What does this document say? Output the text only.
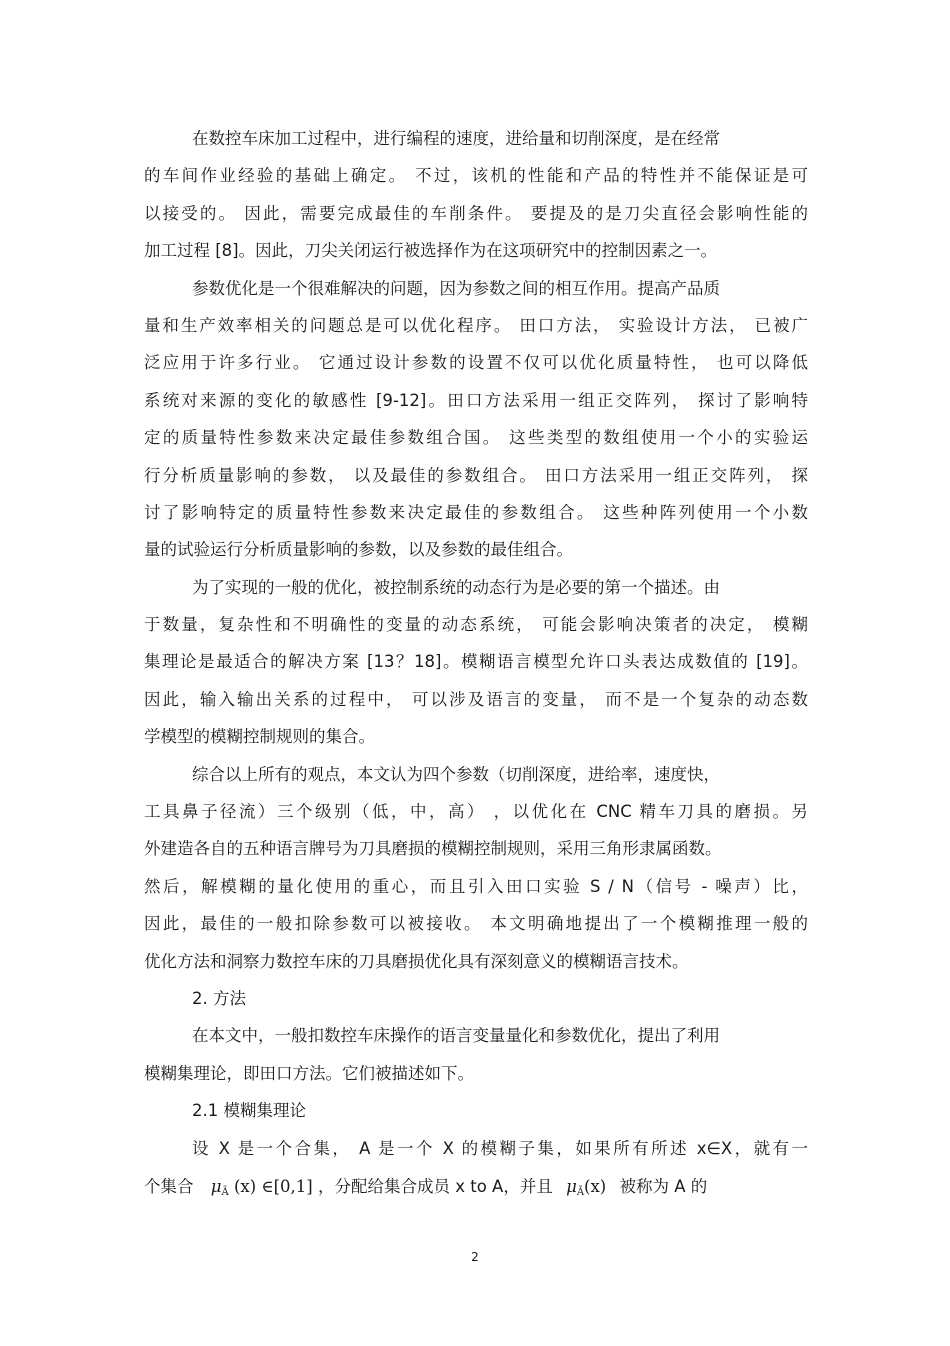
在数控车床加工过程中，进行编程的速度，进给量和切削深度，是在经常
的车间作业经验的基础上确定。 不过，该机的性能和产品的特性并不能保证是可
以接受的。 因此，需要完成最佳的车削条件。 要提及的是刀尖直径会影响性能的
加工过程 [8]。因此，刀尖关闭运行被选择作为在这项研究中的控制因素之一。
参数优化是一个很难解决的问题，因为参数之间的相互作用。提高产品质
量和生产效率相关的问题总是可以优化程序。 田口方法， 实验设计方法， 已被广
泛应用于许多行业。 它通过设计参数的设置不仅可以优化质量特性， 也可以降低
系统对来源的变化的敏感性 [9-12]。田口方法采用一组正交阵列， 探讨了影响特
定的质量特性参数来决定最佳参数组合国。 这些类型的数组使用一个小的实验运
行分析质量影响的参数， 以及最佳的参数组合。 田口方法采用一组正交阵列， 探
讨了影响特定的质量特性参数来决定最佳的参数组合。 这些种阵列使用一个小数
量的试验运行分析质量影响的参数，以及参数的最佳组合。
为了实现的一般的优化，被控制系统的动态行为是必要的第一个描述。由
于数量，复杂性和不明确性的变量的动态系统， 可能会影响决策者的决定， 模糊
集理论是最适合的解决方案 [13？18]。模糊语言模型允许口头表达成数值的 [19]。
因此，输入输出关系的过程中， 可以涉及语言的变量， 而不是一个复杂的动态数
学模型的模糊控制规则的集合。
综合以上所有的观点，本文认为四个参数（切削深度，进给率，速度快，
工具鼻子径流）三个级别（低，中，高） ，以优化在 CNC 精车刀具的磨损。另
外建造各自的五种语言牌号为刀具磨损的模糊控制规则，采用三角形隶属函数。
然后，解模糊的量化使用的重心，而且引入田口实验 S / N（信号 - 噪声）比，
因此，最佳的一般扣除参数可以被接收。 本文明确地提出了一个模糊推理一般的
优化方法和洞察力数控车床的刀具磨损优化具有深刻意义的模糊语言技术。
2. 方法
在本文中，一般扣数控车床操作的语言变量量化和参数优化，提出了利用
模糊集理论，即田口方法。它们被描述如下。
2.1 模糊集理论
设 X 是一个合集， A 是一个 X 的模糊子集，如果所有所述 x∈X，就有一
个集合 $\mu_Ã$ (x) ∈[0,1] ，分配给集合成员 x to A，并且 $\mu_Ã(x)$ 被称为 A 的
2
